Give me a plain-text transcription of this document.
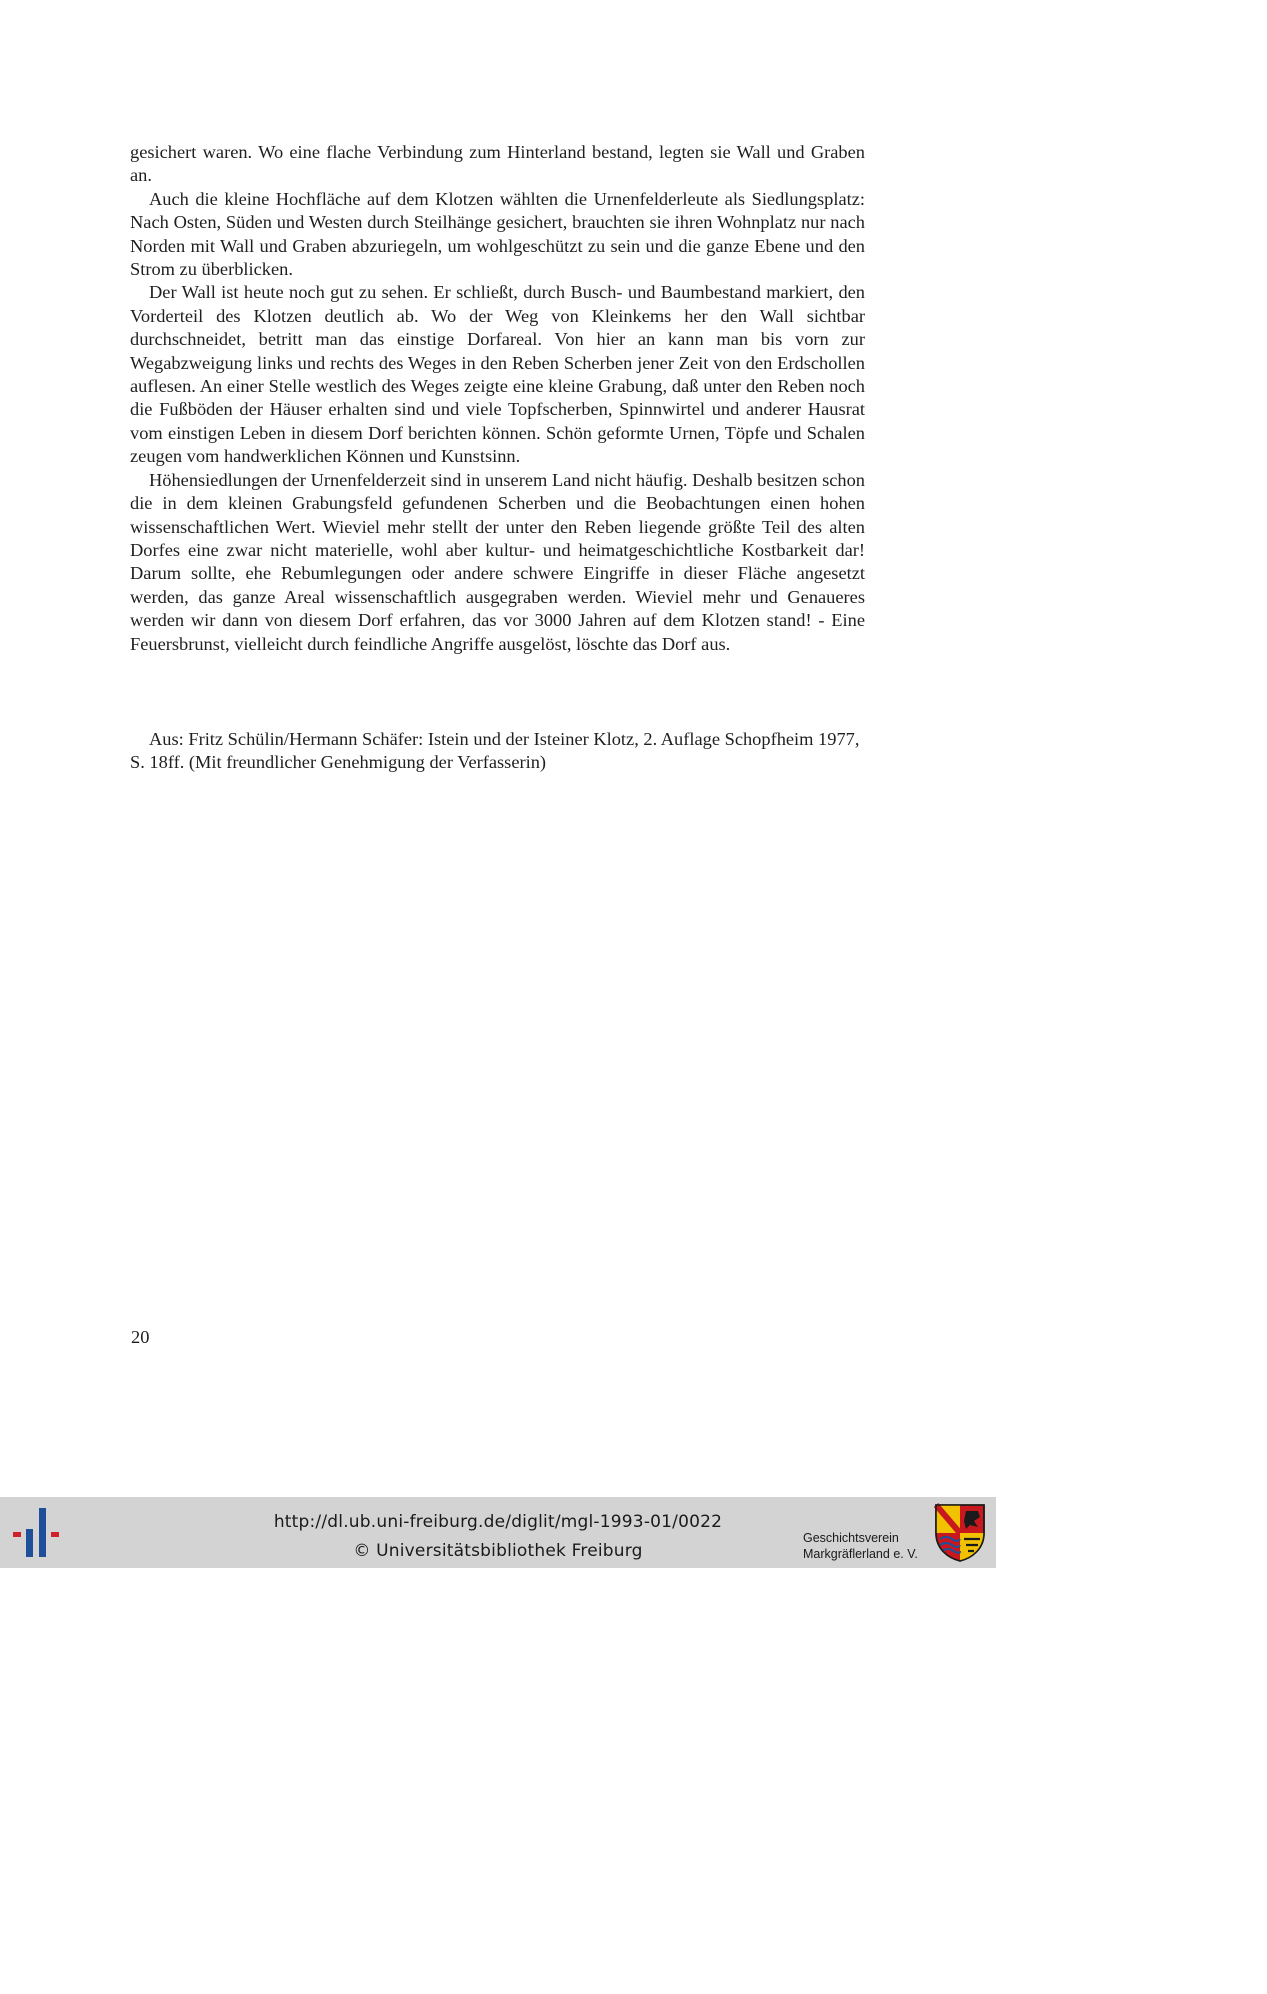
gesichert waren. Wo eine flache Verbindung zum Hinterland bestand, legten sie Wall und Graben an.

Auch die kleine Hochfläche auf dem Klotzen wählten die Urnenfelderleute als Siedlungsplatz: Nach Osten, Süden und Westen durch Steilhänge gesichert, brauchten sie ihren Wohnplatz nur nach Norden mit Wall und Graben abzuriegeln, um wohlgeschützt zu sein und die ganze Ebene und den Strom zu überblicken.

Der Wall ist heute noch gut zu sehen. Er schließt, durch Busch- und Baumbestand markiert, den Vorderteil des Klotzen deutlich ab. Wo der Weg von Kleinkems her den Wall sichtbar durchschneidet, betritt man das einstige Dorfareal. Von hier an kann man bis vorn zur Wegabzweigung links und rechts des Weges in den Reben Scherben jener Zeit von den Erdschollen auflesen. An einer Stelle westlich des Weges zeigte eine kleine Grabung, daß unter den Reben noch die Fußböden der Häuser erhalten sind und viele Topfscherben, Spinnwirtel und anderer Hausrat vom einstigen Leben in diesem Dorf berichten können. Schön geformte Urnen, Töpfe und Schalen zeugen vom handwerklichen Können und Kunstsinn.

Höhensiedlungen der Urnenfelderzeit sind in unserem Land nicht häufig. Deshalb besitzen schon die in dem kleinen Grabungsfeld gefundenen Scherben und die Beobachtungen einen hohen wissenschaftlichen Wert. Wieviel mehr stellt der unter den Reben liegende größte Teil des alten Dorfes eine zwar nicht materielle, wohl aber kultur- und heimatgeschichtliche Kostbarkeit dar! Darum sollte, ehe Rebumlegungen oder andere schwere Eingriffe in dieser Fläche angesetzt werden, das ganze Areal wissenschaftlich ausgegraben werden. Wieviel mehr und Genaueres werden wir dann von diesem Dorf erfahren, das vor 3000 Jahren auf dem Klotzen stand! - Eine Feuersbrunst, vielleicht durch feindliche Angriffe ausgelöst, löschte das Dorf aus.

Aus: Fritz Schülin/Hermann Schäfer: Istein und der Isteiner Klotz, 2. Auflage Schopfheim 1977, S. 18ff. (Mit freundlicher Genehmigung der Verfasserin)

20
http://dl.ub.uni-freiburg.de/diglit/mgl-1993-01/0022
© Universitätsbibliothek Freiburg
Geschichtsverein
Markgräflerland e. V.
